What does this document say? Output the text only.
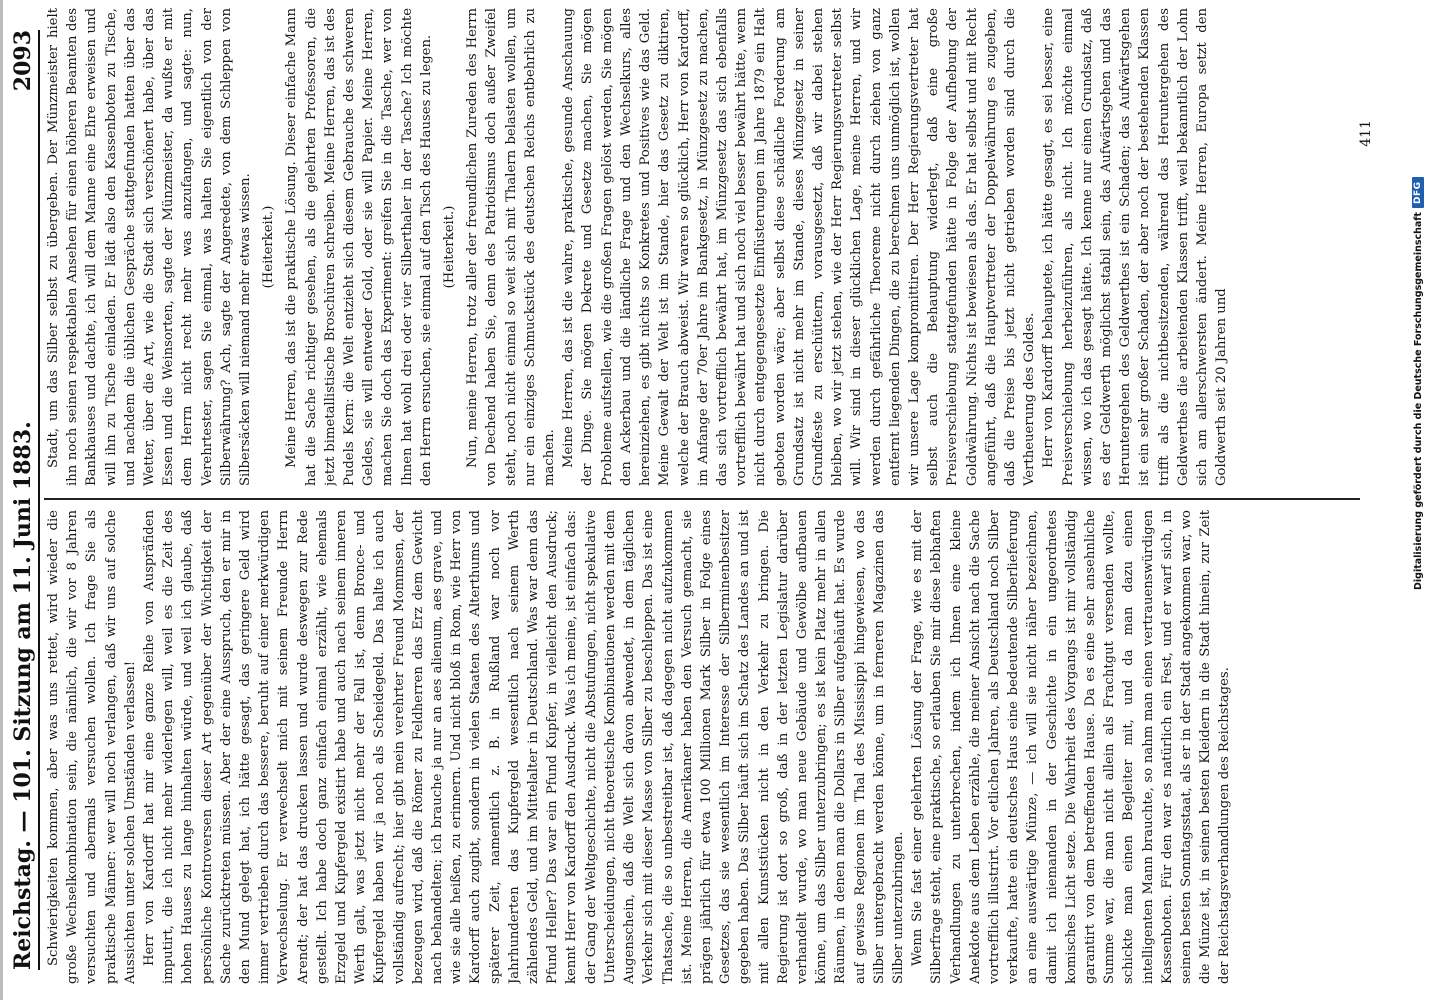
Reichstag. — 101. Sitzung am 11. Juni 1883.
2093

Schwierigkeiten kommen, aber was uns rettet, wird wieder die große Wechselkombination sein, die nämlich, die wir vor 8 Jahren versuchten und abermals versuchen wollen. Ich frage Sie als praktische Männer: wer will noch verlangen, daß wir uns auf solche Aussichten unter solchen Umständen verlassen! Herr von Kardorff hat mir eine ganze Reihe von Auspräfiden imputirt, die ich nicht mehr widerlegen will, weil es die Zeit des hohen Hauses zu lange hinhalten würde, und weil ich glaube, daß persönliche Kontroversen dieser Art gegenüber der Wichtigkeit der Sache zurücktreten müssen. Aber der eine Ausspruch, den er mir in den Mund gelegt hat, ich hätte gesagt, das geringere Geld wird immer vertrieben durch das bessere, beruht auf einer merkwürdigen Verwechselung. Er verwechselt mich mit seinem Freunde Herrn Arendt; der hat das drucken lassen und wurde deswegen zur Rede gestellt. Ich habe doch ganz einfach einmal erzählt, wie ehemals Erzgeld und Kupfergeld existirt habe und auch nach seinem inneren Werth galt, was jetzt nicht mehr der Fall ist, denn Bronce- und Kupfergeld haben wir ja noch als Scheidegeld. Das halte ich auch vollständig aufrecht; hier gibt mein verehrter Freund Mommsen, der bezeugen wird, daß die Römer zu Feldherren das Erz dem Gewicht nach behandelten; ich brauche ja nur an aes alienum, aes grave, und wie sie alle heißen, zu erinnern. Und nicht bloß in Rom, wie Herr von Kardorff auch zugibt, sondern in vielen Staaten des Alterthums und späterer Zeit, namentlich z. B. in Rußland war noch vor Jahrhunderten das Kupfergeld wesentlich nach seinem Werth zählendes Geld, und im Mittelalter in Deutschland. Was war denn das Pfund Heller? Das war ein Pfund Kupfer, in vielleicht den Ausdruck; kennt Herr von Kardorff den Ausdruck. Was ich meine, ist einfach das: der Gang der Weltgeschichte, nicht die Abstufungen, nicht spekulative Unterscheidungen, nicht theoretische Kombinationen werden mit dem Augenschein, daß die Welt sich davon abwendet, in dem täglichen Verkehr sich mit dieser Masse von Silber zu beschleppen. Das ist eine Thatsache, die so unbestreitbar ist, daß dagegen nicht aufzukommen ist. Meine Herren, die Amerikaner haben den Versuch gemacht, sie prägen jährlich für etwa 100 Millionen Mark Silber in Folge eines Gesetzes, das sie wesentlich im Interesse der Silberminenbesitzer gegeben haben. Das Silber häuft sich im Schatz des Landes an und ist mit allen Kunststücken nicht in den Verkehr zu bringen. Die Regierung ist dort so groß, daß in der letzten Legislatur darüber verhandelt wurde, wo man neue Gebäude und Gewölbe aufbauen könne, um das Silber unterzubringen; es ist kein Platz mehr in allen Räumen, in denen man die Dollars in Silber aufgehäuft hat. Es wurde auf gewisse Regionen im Thal des Mississippi hingewiesen, wo das Silber untergebracht werden könne, um in ferneren Magazinen das Silber unterzubringen. Wenn Sie fast einer gelehrten Lösung der Frage, wie es mit der Silberfrage steht, eine praktische, so erlauben Sie mir diese lebhaften Verhandlungen zu unterbrechen, indem ich Ihnen eine kleine Anekdote aus dem Leben erzähle, die meiner Ansicht nach die Sache vortrefflich illustrirt. Vor etlichen Jahren, als Deutschland noch Silber verkaufte, hatte ein deutsches Haus eine bedeutende Silberlieferung an eine auswärtige Münze, — ich will sie nicht näher bezeichnen, damit ich niemanden in der Geschichte in ein ungeordnetes komisches Licht setze. Die Wahrheit des Vorgangs ist mir vollständig garantirt von dem betreffenden Hause. Da es eine sehr ansehnliche Summe war, die man nicht allein als Frachtgut versenden wollte, schickte man einen Begleiter mit, und da man dazu einen intelligenten Mann brauchte, so nahm man einen vertrauenswürdigen Kassenboten. Für den war es natürlich ein Fest, und er warf sich, in seinen besten Sonntagsstaat, als er in der Stadt angekommen war, wo die Münze ist, in seinen besten Kleidern in die Stadt hinein, zur Zeit der Reichstagsverhandlungen des Reichstages.

Stadt, um das Silber selbst zu übergeben. Der Münzmeister hielt ihn noch seinen respektablen Ansehen für einen höheren Beamten des Bankhauses und dachte, ich will dem Manne eine Ehre erweisen und will ihn zu Tische einladen. Er lädt also den Kassenboten zu Tische, und nachdem die üblichen Gespräche stattgefunden hatten über das Wetter, über die Art, wie die Stadt sich verschönert habe, über das Essen und die Weinsorten, sagte der Münzmeister, da wußte er mit dem Herrn nicht recht mehr was anzufangen, und sagte: nun, Verehrtester, sagen Sie einmal, was halten Sie eigentlich von der Silberwährung? Ach, sagte der Angeredete, von dem Schleppen von Silbersäcken will niemand mehr etwas wissen. (Heiterkeit.) Meine Herren, das ist die praktische Lösung. Dieser einfache Mann hat die Sache richtiger gesehen, als die gelehrten Professoren, die jetzt bimetallistische Broschüren schreiben. Meine Herren, das ist des Pudels Kern: die Welt entzieht sich diesem Gebrauche des schweren Geldes, sie will entweder Gold, oder sie will Papier. Meine Herren, machen Sie doch das Experiment: greifen Sie in die Tasche, wer von Ihnen hat wohl drei oder vier Silberthaler in der Tasche? Ich möchte den Herrn ersuchen, sie einmal auf den Tisch des Hauses zu legen. (Heiterkeit.) Nun, meine Herren, trotz aller der freundlichen Zureden des Herrn von Dechend haben Sie, denn des Patriotismus doch außer Zweifel steht, noch nicht einmal so weit sich mit Thalern belasten wollen, um nur ein einziges Schmuckstück des deutschen Reichs entbehrlich zu machen. Meine Herren, das ist die wahre, praktische, gesunde Anschauung der Dinge. Sie mögen Dekrete und Gesetze machen, Sie mögen Probleme aufstellen, wie die großen Fragen gelöst werden, Sie mögen den Ackerbau und die ländliche Frage und den Wechselkurs, alles hereinziehen, es gibt nichts so Konkretes und Positives wie das Geld. Meine Gewalt der Welt ist im Stande, hier das Gesetz zu diktiren, welche der Brauch abweist. Wir waren so glücklich, Herr von Kardorff, im Anfange der 70er Jahre im Bankgesetz, in Münzgesetz zu machen, das sich vortrefflich bewährt hat, im Münzgesetz das sich ebenfalls vortrefflich bewährt hat und sich noch viel besser bewährt hätte, wenn nicht durch entgegengesetzte Einflüsterungen im Jahre 1879 ein Halt geboten worden wäre; aber selbst diese schädliche Forderung am Grundsatz ist nicht mehr im Stande, dieses Münzgesetz in seiner Grundfeste zu erschüttern, vorausgesetzt, daß wir dabei stehen bleiben, wo wir jetzt stehen, wie der Herr Regierungsvertreter selbst will. Wir sind in dieser glücklichen Lage, meine Herren, und wir werden durch gefährliche Theoreme nicht durch ziehen von ganz entfernt liegenden Dingen, die zu berechnen uns unmöglich ist, wollen wir unsere Lage kompromittiren. Der Herr Regierungsvertreter hat selbst auch die Behauptung widerlegt, daß eine große Preisverschiebung stattgefunden hätte in Folge der Aufhebung der Goldwährung. Nichts ist bewiesen als das. Er hat selbst und mit Recht angeführt, daß die Hauptvertreter der Doppelwährung es zugeben, daß die Preise bis jetzt nicht getrieben worden sind durch die Vertheuerung des Goldes. Herr von Kardorff behauptete, ich hätte gesagt, es sei besser, eine Preisverschiebung herbeizuführen, als nicht. Ich möchte einmal wissen, wo ich das gesagt hätte. Ich kenne nur einen Grundsatz, daß es der Geldwerth möglichst stabil sein, das Aufwärtsgehen und das Heruntergehen des Geldwerthes ist ein Schaden; das Aufwärtsgehen ist ein sehr großer Schaden, der aber noch der bestehenden Klassen trifft als die nichtbesitzenden, während das Heruntergehen des Geldwerthes die arbeitenden Klassen trifft, weil bekanntlich der Lohn sich am allerschwersten ändert. Meine Herren, Europa setzt den Goldwerth seit 20 Jahren und

411
Digitalisierung gefördert durch die Deutsche Forschungsgemeinschaft
DFG
